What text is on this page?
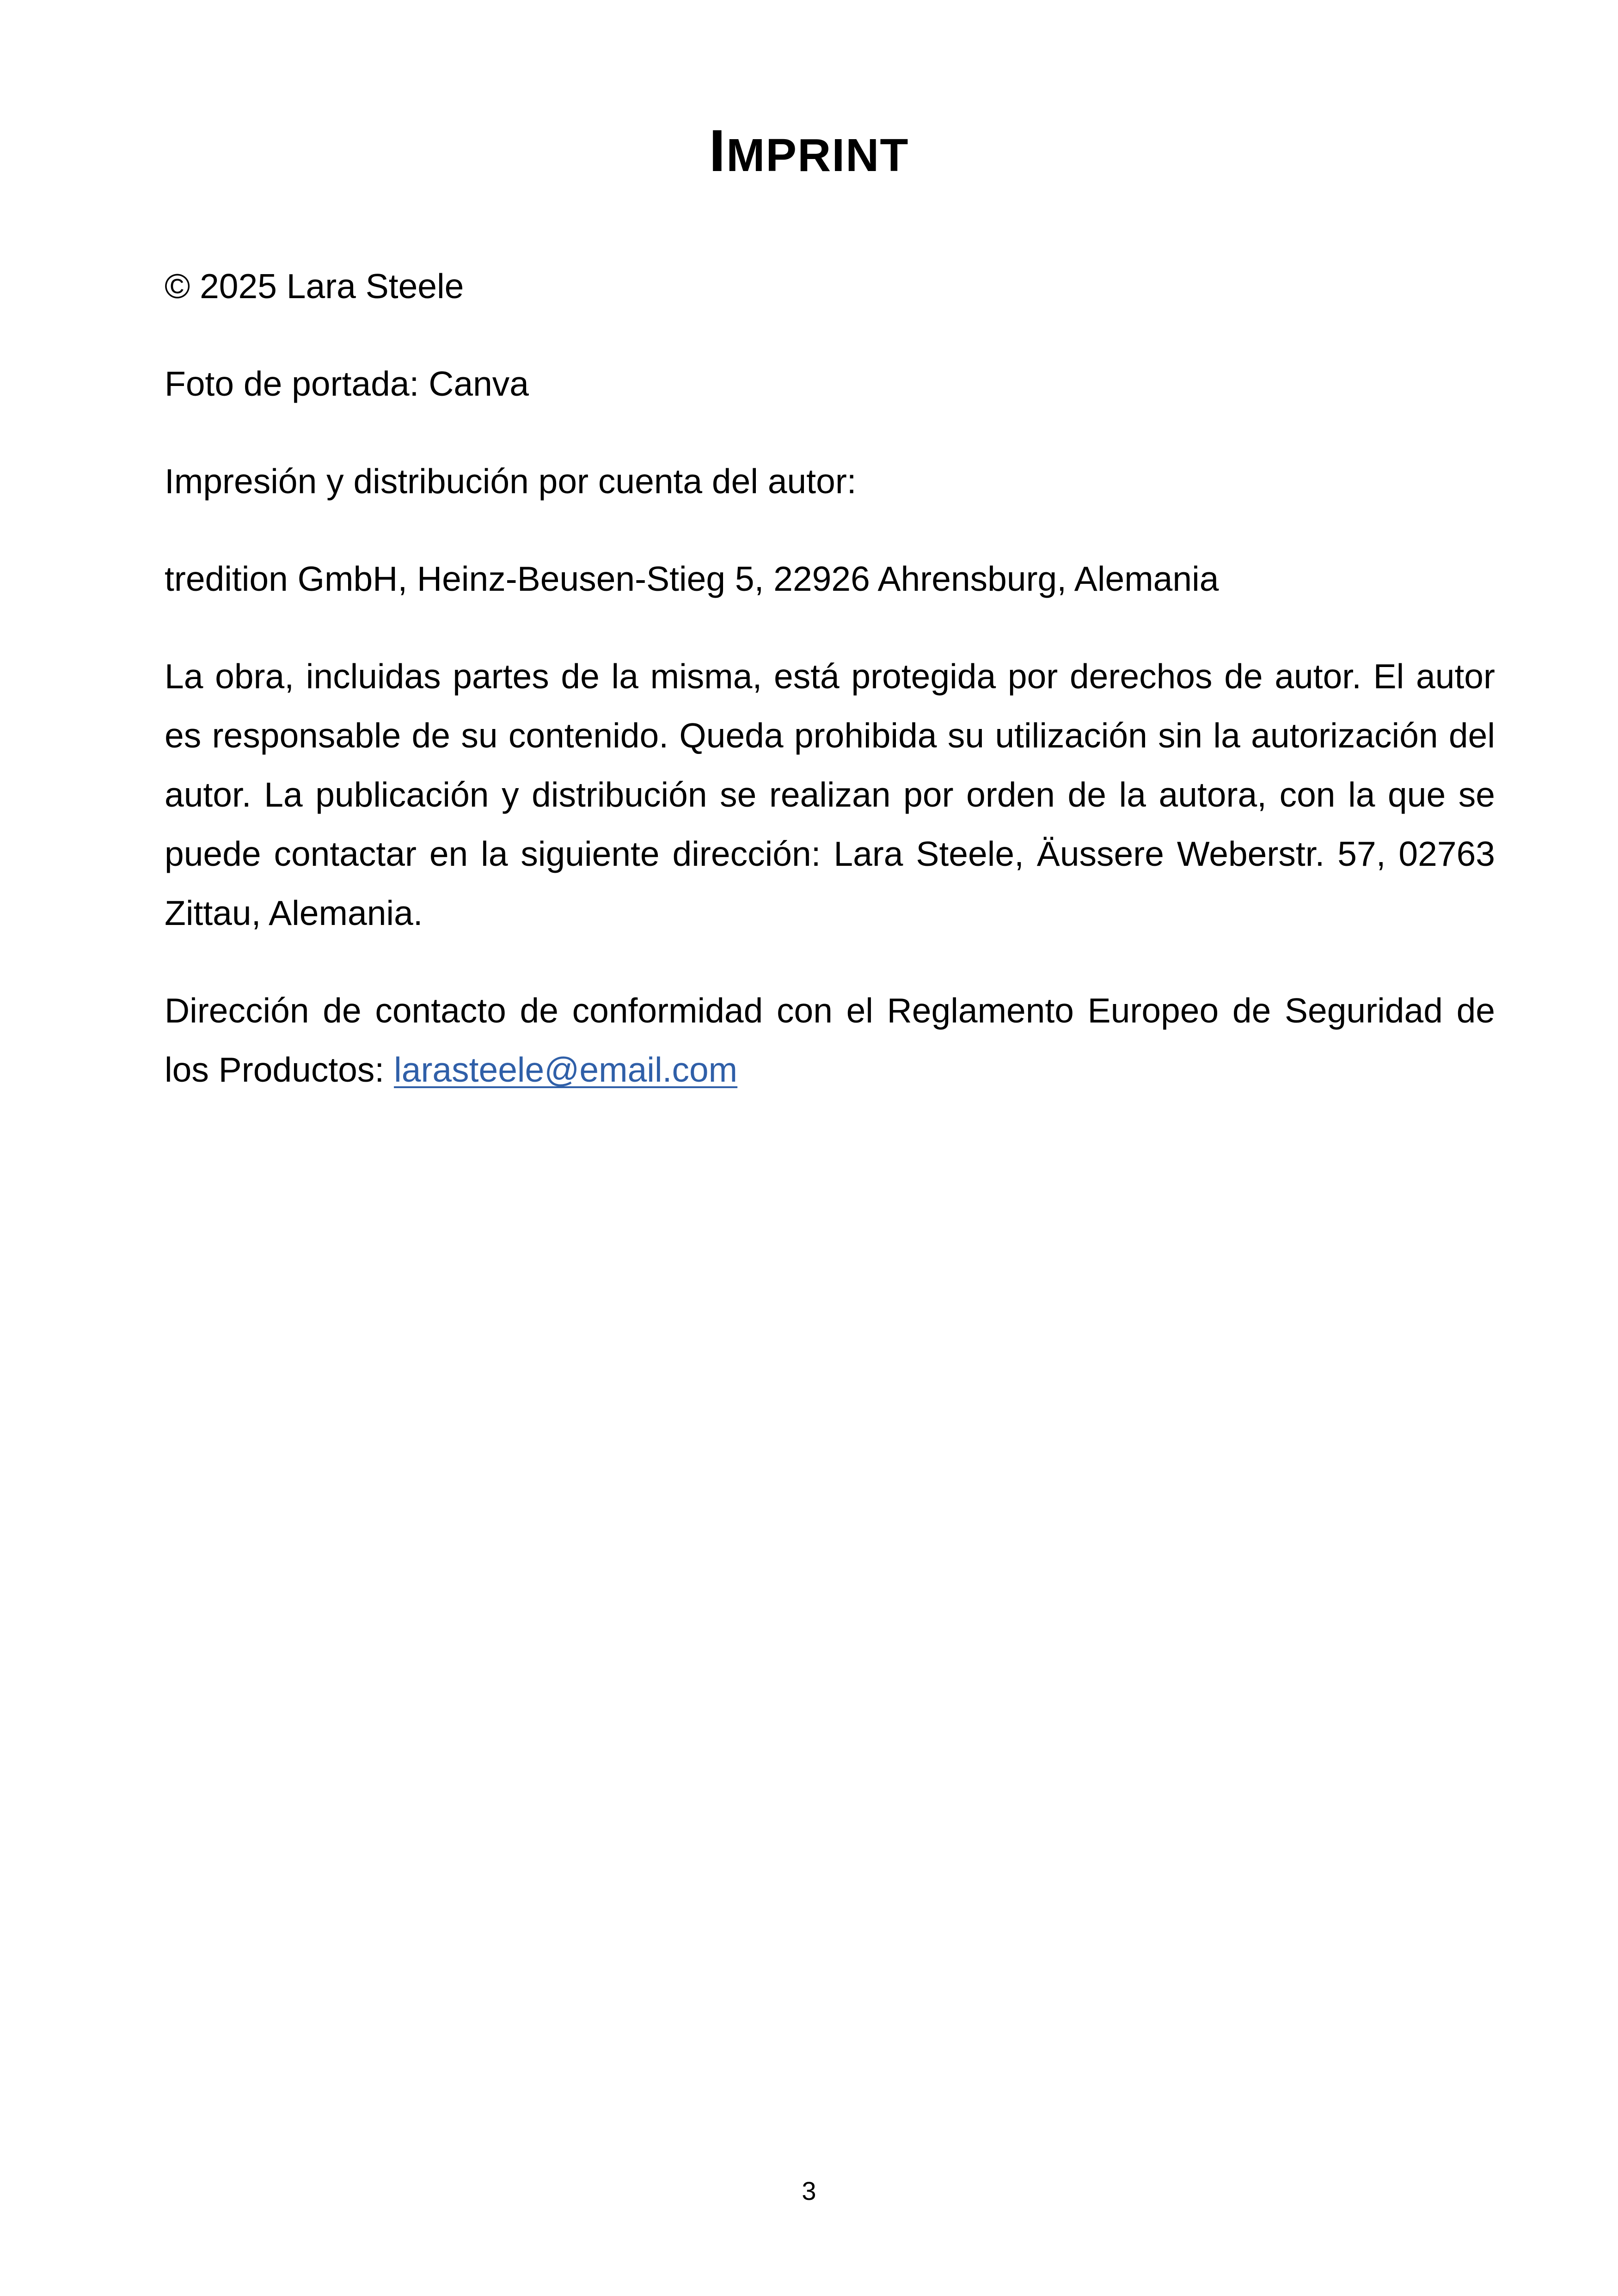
IMPRINT

© 2025 Lara Steele

Foto de portada: Canva

Impresión y distribución por cuenta del autor:

tredition GmbH, Heinz-Beusen-Stieg 5, 22926 Ahrensburg, Alemania

La obra, incluidas partes de la misma, está protegida por derechos de autor. El autor es responsable de su contenido. Queda prohibida su utilización sin la autorización del autor. La publicación y distribución se realizan por orden de la autora, con la que se puede contactar en la siguiente dirección: Lara Steele, Äussere Weberstr. 57, 02763 Zittau, Alemania.

Dirección de contacto de conformidad con el Reglamento Europeo de Seguridad de los Productos: larasteele@email.com

3
